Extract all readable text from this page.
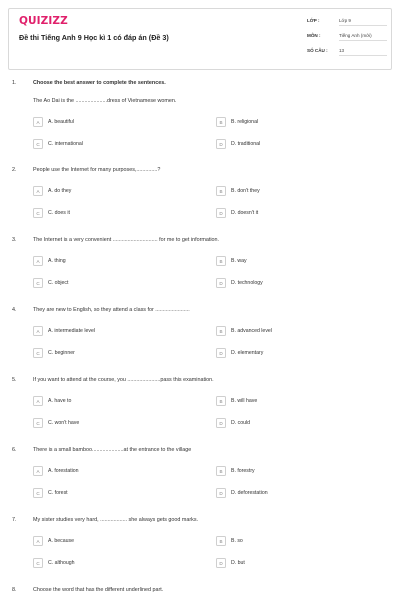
QUIZIZZ
Đề thi Tiếng Anh 9 Học kì 1 có đáp án (Đề 3)
LỚP :	Lớp 9
MÔN :	Tiếng Anh (mới)
SỐ CÂU : 13
1.	Choose the best answer to complete the sentences.
The Ao Dai is the .....................dress of Vietnamese women.
A	A. beautiful	B	B. religional
C	C. international	D	D. traditional
2.	People use the Internet for many purposes,..............?
A	A. do they	B	B. don't they
C	C. does it	D	D. doesn't it
3.	The Internet is a very convenient .............................. for me to get information.
A	A. thing	B	B. way
C	C. object	D	D. technology
4.	They are new to English, so they attend a class for .......................
A	A. intermediate level	B	B. advanced level
C	C. beginner	D	D. elementary
5.	If you want to attend at the course, you ......................pass this examination.
A	A. have to	B	B. will have
C	C. won't have	D	D. could
6.	There is a small bamboo.....................at the entrance to the village
A	A. forestation	B	B. forestry
C	C. forest	D	D. deforestation
7.	My sister studies very hard, .................. she always gets good marks.
A	A. because	B	B. so
C	C. although	D	D. but
8.	Choose the word that has the different underlined part.
